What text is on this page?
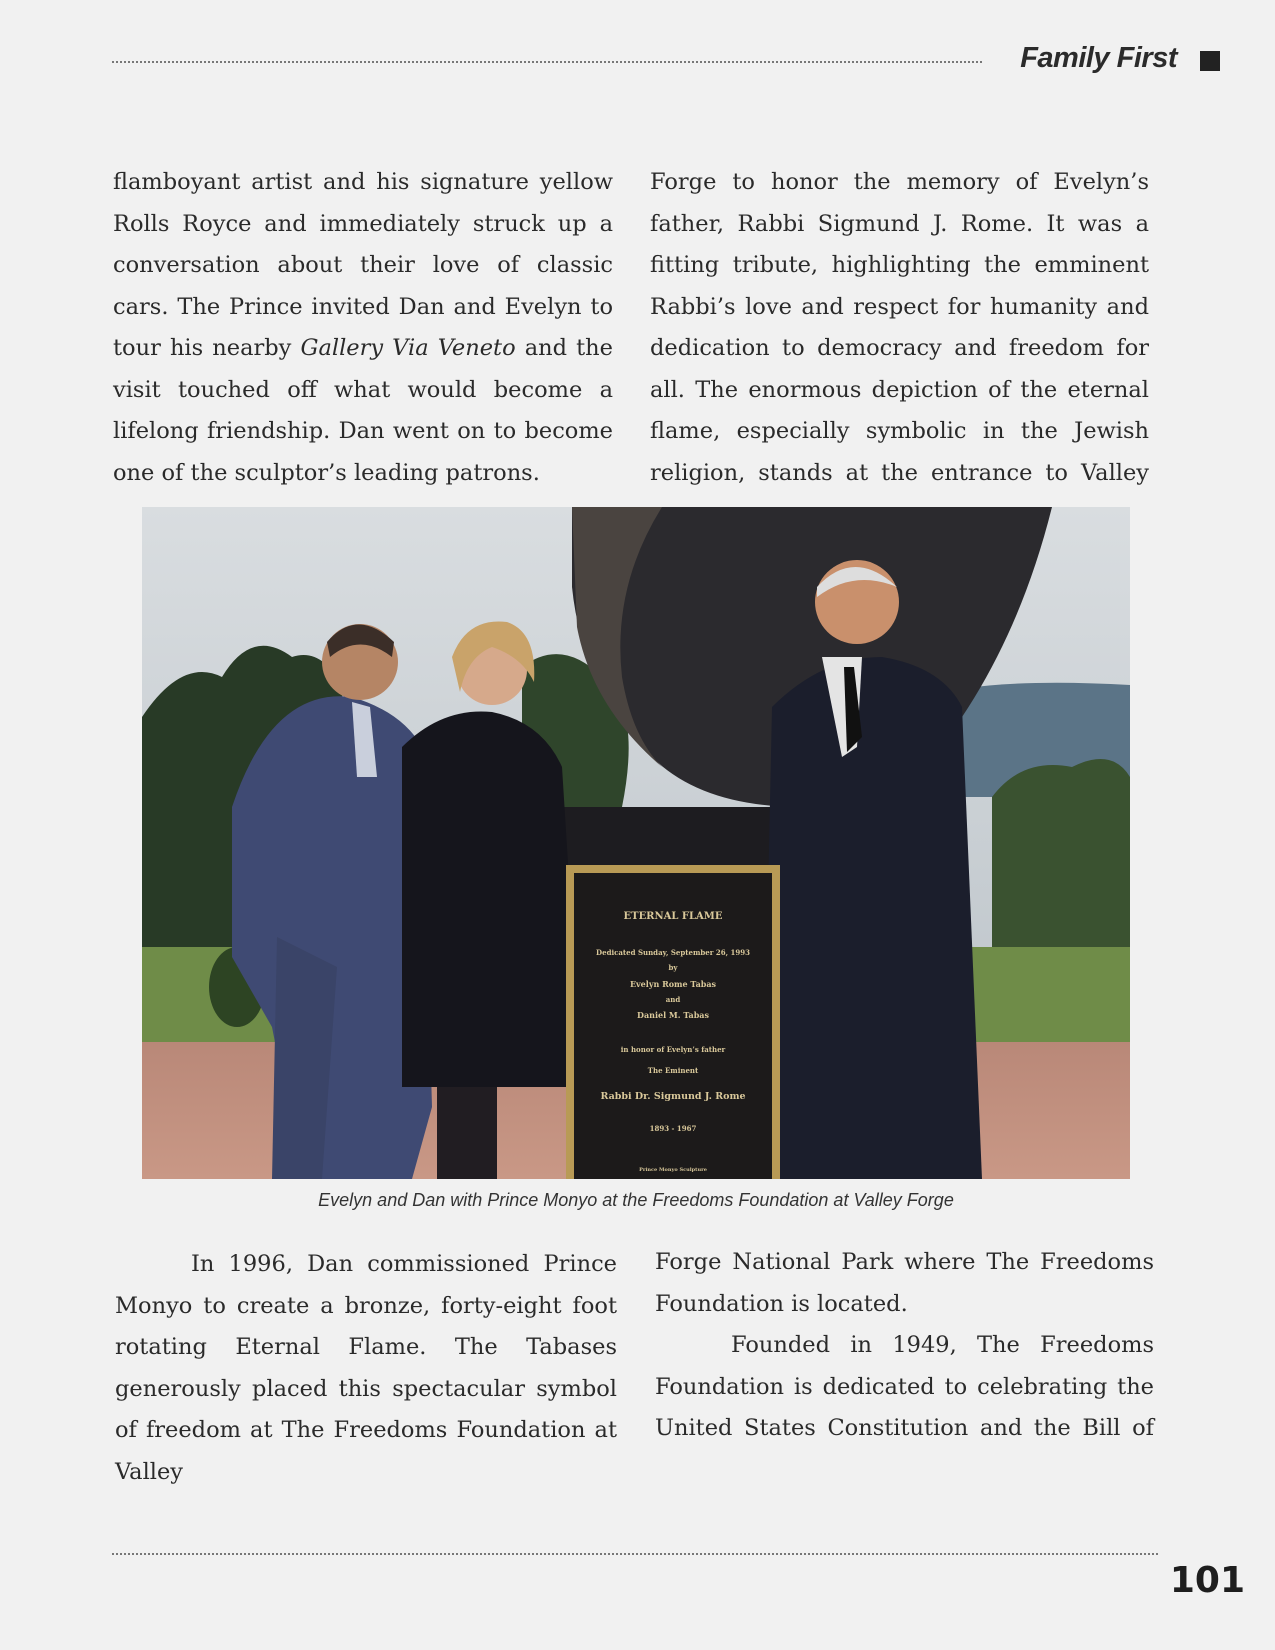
Family First

flamboyant artist and his signature yellow Rolls Royce and immediately struck up a conversation about their love of classic cars. The Prince invited Dan and Evelyn to tour his nearby Gallery Via Veneto and the visit touched off what would become a lifelong friendship. Dan went on to become one of the sculptor’s leading patrons.

Forge to honor the memory of Evelyn’s father, Rabbi Sigmund J. Rome. It was a fitting tribute, highlighting the emminent Rabbi’s love and respect for humanity and dedication to democracy and freedom for all. The enormous depiction of the eternal flame, especially symbolic in the Jewish religion, stands at the entrance to Valley

ETERNAL FLAME
Dedicated Sunday, September 26, 1993
by
Evelyn Rome Tabas
and
Daniel M. Tabas
in honor of Evelyn’s father
The Eminent
Rabbi Dr. Sigmund J. Rome
1893 - 1967
Prince Monyo Sculpture
Evelyn and Dan with Prince Monyo at the Freedoms Foundation at Valley Forge

In 1996, Dan commissioned Prince Monyo to create a bronze, forty-eight foot rotating Eternal Flame. The Tabases generously placed this spectacular symbol of freedom at The Freedoms Foundation at Valley

Forge National Park where The Freedoms Foundation is located.

Founded in 1949, The Freedoms Foundation is dedicated to celebrating the United States Constitution and the Bill of

101
